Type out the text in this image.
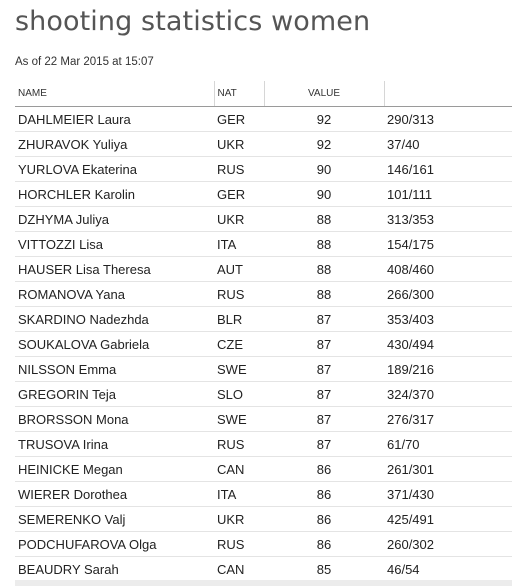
shooting statistics women
As of 22 Mar 2015 at 15:07
NAME	NAT	VALUE	
DAHLMEIER Laura	GER	92	290/313
ZHURAVOK Yuliya	UKR	92	37/40
YURLOVA Ekaterina	RUS	90	146/161
HORCHLER Karolin	GER	90	101/111
DZHYMA Juliya	UKR	88	313/353
VITTOZZI Lisa	ITA	88	154/175
HAUSER Lisa Theresa	AUT	88	408/460
ROMANOVA Yana	RUS	88	266/300
SKARDINO Nadezhda	BLR	87	353/403
SOUKALOVA Gabriela	CZE	87	430/494
NILSSON Emma	SWE	87	189/216
GREGORIN Teja	SLO	87	324/370
BRORSSON Mona	SWE	87	276/317
TRUSOVA Irina	RUS	87	61/70
HEINICKE Megan	CAN	86	261/301
WIERER Dorothea	ITA	86	371/430
SEMERENKO Valj	UKR	86	425/491
PODCHUFAROVA Olga	RUS	86	260/302
BEAUDRY Sarah	CAN	85	46/54
